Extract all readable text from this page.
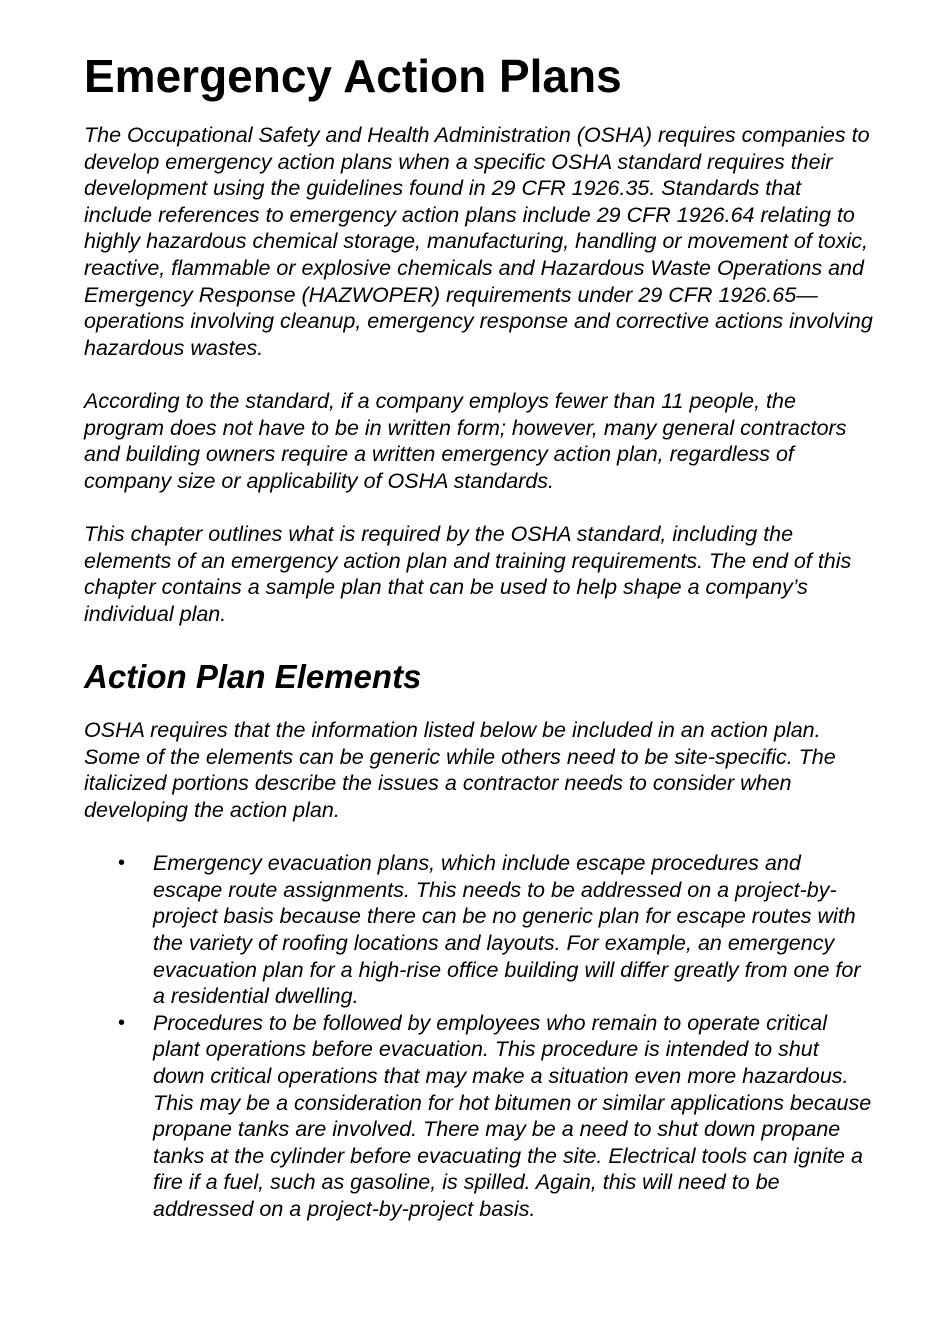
Emergency Action Plans

The Occupational Safety and Health Administration (OSHA) requires companies to develop emergency action plans when a specific OSHA standard requires their development using the guidelines found in 29 CFR 1926.35. Standards that include references to emergency action plans include 29 CFR 1926.64 relating to highly hazardous chemical storage, manufacturing, handling or movement of toxic, reactive, flammable or explosive chemicals and Hazardous Waste Operations and Emergency Response (HAZWOPER) requirements under 29 CFR 1926.65—operations involving cleanup, emergency response and corrective actions involving hazardous wastes.

According to the standard, if a company employs fewer than 11 people, the program does not have to be in written form; however, many general contractors and building owners require a written emergency action plan, regardless of company size or applicability of OSHA standards.

This chapter outlines what is required by the OSHA standard, including the elements of an emergency action plan and training requirements. The end of this chapter contains a sample plan that can be used to help shape a company’s individual plan.

Action Plan Elements

OSHA requires that the information listed below be included in an action plan. Some of the elements can be generic while others need to be site-specific. The italicized portions describe the issues a contractor needs to consider when developing the action plan.

• Emergency evacuation plans, which include escape procedures and escape route assignments. This needs to be addressed on a project-by-project basis because there can be no generic plan for escape routes with the variety of roofing locations and layouts. For example, an emergency evacuation plan for a high-rise office building will differ greatly from one for a residential dwelling.
• Procedures to be followed by employees who remain to operate critical plant operations before evacuation. This procedure is intended to shut down critical operations that may make a situation even more hazardous. This may be a consideration for hot bitumen or similar applications because propane tanks are involved. There may be a need to shut down propane tanks at the cylinder before evacuating the site. Electrical tools can ignite a fire if a fuel, such as gasoline, is spilled. Again, this will need to be addressed on a project-by-project basis.
